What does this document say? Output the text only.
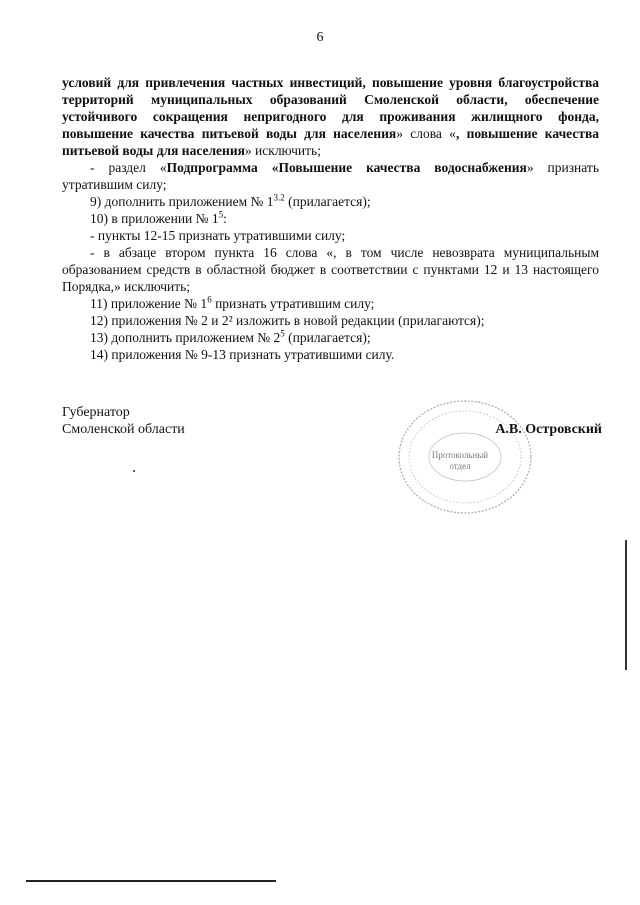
6

условий для привлечения частных инвестиций, повышение уровня благоустройства территорий муниципальных образований Смоленской области, обеспечение устойчивого сокращения непригодного для проживания жилищного фонда, повышение качества питьевой воды для населения» слова «, повышение качества питьевой воды для населения» исключить;

- раздел «Подпрограмма «Повышение качества водоснабжения» признать утратившим силу;

9) дополнить приложением № $1^{3.2}$ (прилагается);

10) в приложении № $1^5$:

- пункты 12-15 признать утратившими силу;

- в абзаце втором пункта 16 слова «, в том числе невозврата муниципальным образованием средств в областной бюджет в соответствии с пунктами 12 и 13 настоящего Порядка,» исключить;

11) приложение № $1^6$ признать утратившим силу;

12) приложения № 2 и 2² изложить в новой редакции (прилагаются);

13) дополнить приложением № $2^5$ (прилагается);

14) приложения № 9-13 признать утратившими силу.

Протокольный
отдел
Губернатор
Смоленской области	А.В. Островский
